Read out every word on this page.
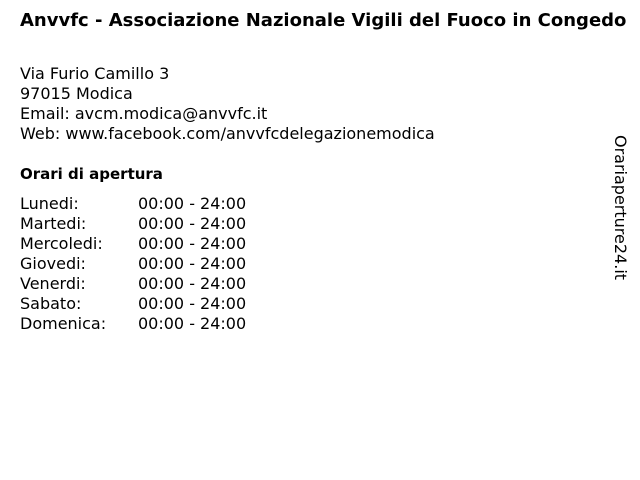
Anvvfc - Associazione Nazionale Vigili del Fuoco in Congedo
Via Furio Camillo 3
97015 Modica
Email: avcm.modica@anvvfc.it
Web: www.facebook.com/anvvfcdelegazionemodica
Orari di apertura
Lunedi:	00:00 - 24:00
Martedi:	00:00 - 24:00
Mercoledi:	00:00 - 24:00
Giovedi:	00:00 - 24:00
Venerdi:	00:00 - 24:00
Sabato:	00:00 - 24:00
Domenica:	00:00 - 24:00
Orariaperture24.it
